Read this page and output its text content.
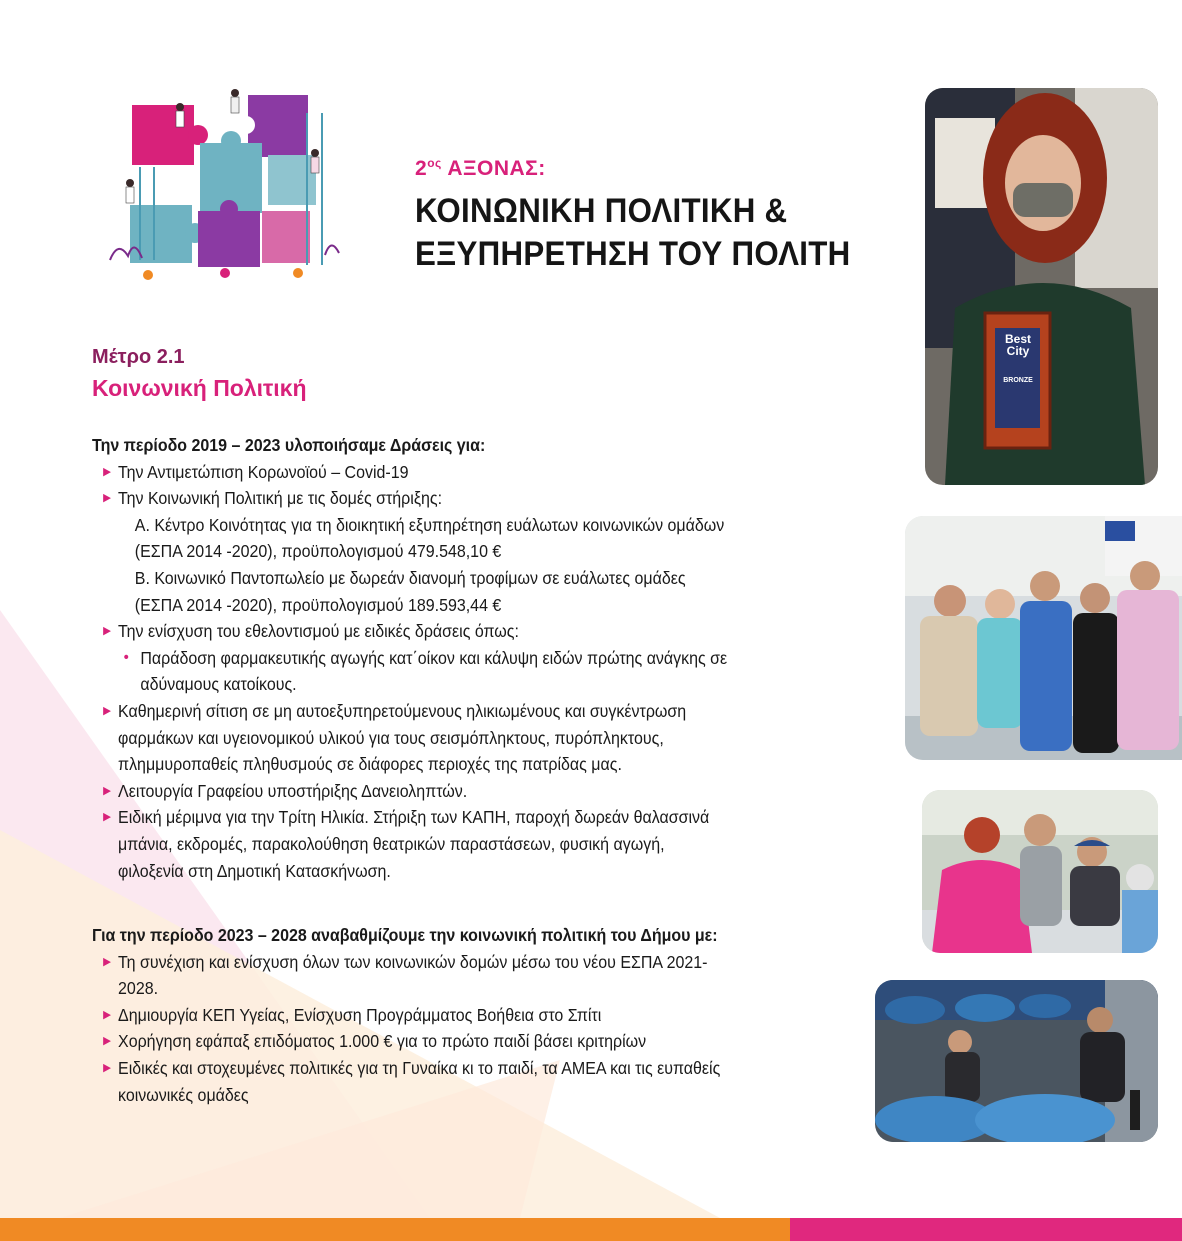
$2^{o\varsigma}$ ΑΞΟΝΑΣ:
ΚΟΙΝΩΝΙΚΗ ΠΟΛΙΤΙΚΗ &
ΕΞΥΠΗΡΕΤΗΣΗ ΤΟΥ ΠΟΛΙΤΗ
Μέτρο 2.1
Κοινωνική Πολιτική
Την περίοδο 2019 – 2023 υλοποιήσαμε Δράσεις για:
▶ Την Αντιμετώπιση Κορωνοϊού – Covid-19
▶ Την Κοινωνική Πολιτική με τις δομές στήριξης:
Α. Κέντρο Κοινότητας για τη διοικητική εξυπηρέτηση ευάλωτων κοινωνικών ομάδων
(ΕΣΠΑ 2014 -2020), προϋπολογισμού 479.548,10 €
Β. Κοινωνικό Παντοπωλείο με δωρεάν διανομή τροφίμων σε ευάλωτες ομάδες
(ΕΣΠΑ 2014 -2020), προϋπολογισμού 189.593,44 €
▶ Την ενίσχυση του εθελοντισμού με ειδικές δράσεις όπως:
• Παράδοση φαρμακευτικής αγωγής κατ΄οίκον και κάλυψη ειδών πρώτης ανάγκης σε
αδύναμους κατοίκους.
▶ Καθημερινή σίτιση σε μη αυτοεξυπηρετούμενους ηλικιωμένους και συγκέντρωση
φαρμάκων και υγειονομικού υλικού για τους σεισμόπληκτους, πυρόπληκτους,
πλημμυροπαθείς πληθυσμούς σε διάφορες περιοχές της πατρίδας μας.
▶ Λειτουργία Γραφείου υποστήριξης Δανειοληπτών.
▶ Ειδική μέριμνα για την Τρίτη Ηλικία. Στήριξη των ΚΑΠΗ, παροχή δωρεάν θαλασσινά
μπάνια, εκδρομές, παρακολούθηση θεατρικών παραστάσεων, φυσική αγωγή,
φιλοξενία στη Δημοτική Κατασκήνωση.
Για την περίοδο 2023 – 2028 αναβαθμίζουμε την κοινωνική πολιτική του Δήμου με:
▶ Τη συνέχιση και ενίσχυση όλων των κοινωνικών δομών μέσω του νέου ΕΣΠΑ 2021-
2028.
▶ Δημιουργία ΚΕΠ Υγείας, Ενίσχυση Προγράμματος Βοήθεια στο Σπίτι
▶ Χορήγηση εφάπαξ επιδόματος 1.000 € για το πρώτο παιδί βάσει κριτηρίων
▶ Ειδικές και στοχευμένες πολιτικές για τη Γυναίκα κι το παιδί, τα ΑΜΕΑ και τις ευπαθείς
κοινωνικές ομάδες
Best
City
BRONZE
